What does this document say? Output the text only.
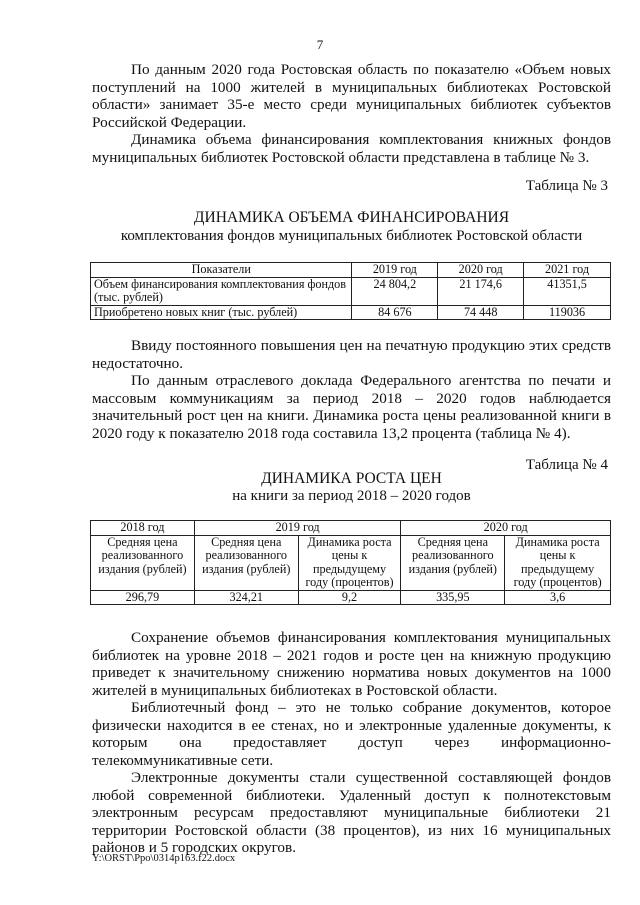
7

По данным 2020 года Ростовская область по показателю «Объем новых поступлений на 1000 жителей в муниципальных библиотеках Ростовской области» занимает 35-е место среди муниципальных библиотек субъектов Российской Федерации.

Динамика объема финансирования комплектования книжных фондов муниципальных библиотек Ростовской области представлена в таблице № 3.

Таблица № 3
ДИНАМИКА ОБЪЕМА ФИНАНСИРОВАНИЯ
комплектования фондов муниципальных библиотек Ростовской области
Показатели	2019 год	2020 год	2021 год
Объем финансирования комплектования фондов (тыс. рублей)	24 804,2	21 174,6	41351,5
Приобретено новых книг (тыс. рублей)	84 676	74 448	119036

Ввиду постоянного повышения цен на печатную продукцию этих средств недостаточно.

По данным отраслевого доклада Федерального агентства по печати и массовым коммуникациям за период 2018 – 2020 годов наблюдается значительный рост цен на книги. Динамика роста цены реализованной книги в 2020 году к показателю 2018 года составила 13,2 процента (таблица № 4).

Таблица № 4
ДИНАМИКА РОСТА ЦЕН
на книги за период 2018 – 2020 годов
2018 год	2019 год		2020 год	
Средняя цена реализованного издания (рублей)	Средняя цена реализованного издания (рублей)	Динамика роста цены к предыдущему году (процентов)	Средняя цена реализованного издания (рублей)	Динамика роста цены к предыдущему году (процентов)
296,79	324,21	9,2	335,95	3,6

Сохранение объемов финансирования комплектования муниципальных библиотек на уровне 2018 – 2021 годов и росте цен на книжную продукцию приведет к значительному снижению норматива новых документов на 1000 жителей в муниципальных библиотеках в Ростовской области.

Библиотечный фонд – это не только собрание документов, которое физически находится в ее стенах, но и электронные удаленные документы, к которым она предоставляет доступ через информационно-телекоммуникативные сети.

Электронные документы стали существенной составляющей фондов любой современной библиотеки. Удаленный доступ к полнотекстовым электронным ресурсам предоставляют муниципальные библиотеки 21 территории Ростовской области (38 процентов), из них 16 муниципальных районов и 5 городских округов.

Y:\ORST\Ppo\0314p163.f22.docx
